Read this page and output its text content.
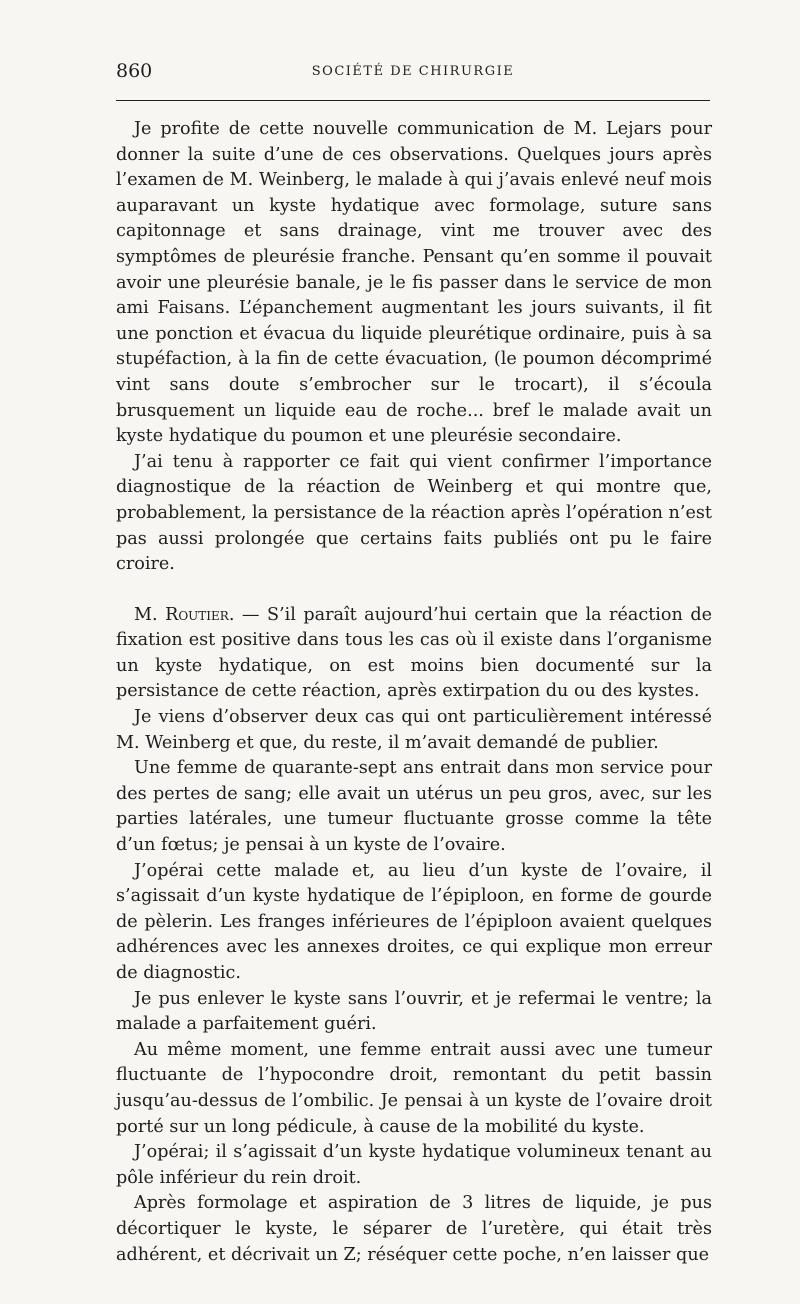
860	SOCIÉTÉ DE CHIRURGIE

Je profite de cette nouvelle communication de M. Lejars pour donner la suite d’une de ces observations. Quelques jours après l’examen de M. Weinberg, le malade à qui j’avais enlevé neuf mois auparavant un kyste hydatique avec formolage, suture sans capitonnage et sans drainage, vint me trouver avec des symptômes de pleurésie franche. Pensant qu’en somme il pouvait avoir une pleurésie banale, je le fis passer dans le service de mon ami Faisans. L’épanchement augmentant les jours suivants, il fit une ponction et évacua du liquide pleurétique ordinaire, puis à sa stupéfaction, à la fin de cette évacuation, (le poumon décomprimé vint sans doute s’embrocher sur le trocart), il s’écoula brusquement un liquide eau de roche... bref le malade avait un kyste hydatique du poumon et une pleurésie secondaire.

J’ai tenu à rapporter ce fait qui vient confirmer l’importance diagnostique de la réaction de Weinberg et qui montre que, probablement, la persistance de la réaction après l’opération n’est pas aussi prolongée que certains faits publiés ont pu le faire croire.

M. Routier. — S’il paraît aujourd’hui certain que la réaction de fixation est positive dans tous les cas où il existe dans l’organisme un kyste hydatique, on est moins bien documenté sur la persistance de cette réaction, après extirpation du ou des kystes.

Je viens d’observer deux cas qui ont particulièrement intéressé M. Weinberg et que, du reste, il m’avait demandé de publier.

Une femme de quarante-sept ans entrait dans mon service pour des pertes de sang; elle avait un utérus un peu gros, avec, sur les parties latérales, une tumeur fluctuante grosse comme la tête d’un fœtus; je pensai à un kyste de l’ovaire.

J’opérai cette malade et, au lieu d’un kyste de l’ovaire, il s’agissait d’un kyste hydatique de l’épiploon, en forme de gourde de pèlerin. Les franges inférieures de l’épiploon avaient quelques adhérences avec les annexes droites, ce qui explique mon erreur de diagnostic.

Je pus enlever le kyste sans l’ouvrir, et je refermai le ventre; la malade a parfaitement guéri.

Au même moment, une femme entrait aussi avec une tumeur fluctuante de l’hypocondre droit, remontant du petit bassin jusqu’au-dessus de l’ombilic. Je pensai à un kyste de l’ovaire droit porté sur un long pédicule, à cause de la mobilité du kyste.

J’opérai; il s’agissait d’un kyste hydatique volumineux tenant au pôle inférieur du rein droit.

Après formolage et aspiration de 3 litres de liquide, je pus décortiquer le kyste, le séparer de l’uretère, qui était très adhérent, et décrivait un Z; réséquer cette poche, n’en laisser que
